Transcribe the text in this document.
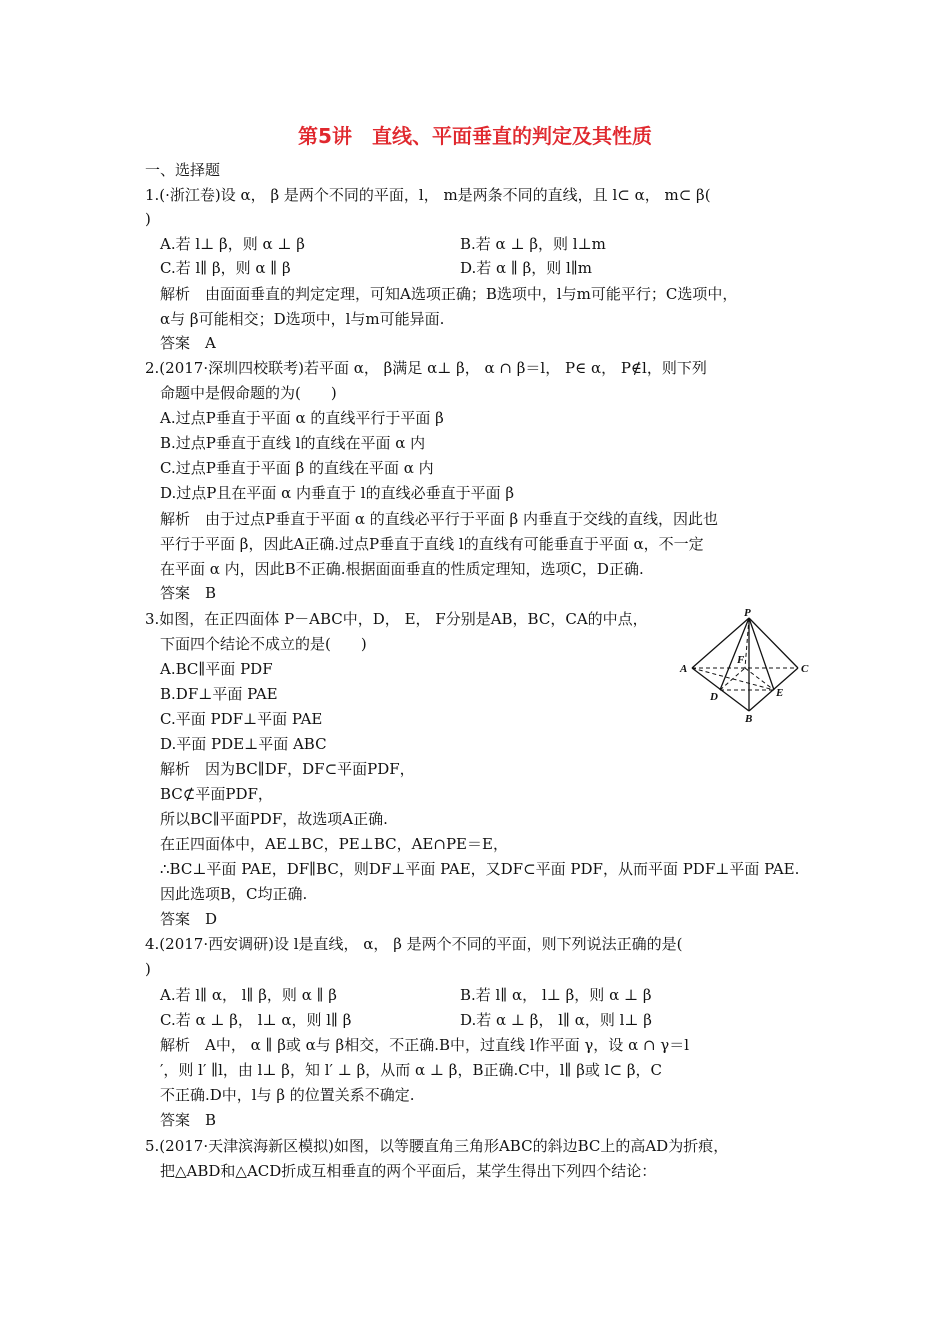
第5讲　直线、平面垂直的判定及其性质
一、选择题
1.(·浙江卷)设 α， β 是两个不同的平面，l， m是两条不同的直线，且 l⊂ α， m⊂ β(
)
A.若 l⊥ β，则 α ⊥ β	B.若 α ⊥ β，则 l⊥m
C.若 l∥ β，则 α ∥ β	D.若 α ∥ β，则 l∥m
解析　由面面垂直的判定定理，可知A选项正确；B选项中，l与m可能平行；C选项中，
α与 β可能相交；D选项中，l与m可能异面.
答案　A
2.(2017·深圳四校联考)若平面 α， β满足 α⊥ β， α ∩ β＝l， P∈ α， P∉l，则下列
命题中是假命题的为(　　)
A.过点P垂直于平面 α 的直线平行于平面 β
B.过点P垂直于直线 l的直线在平面 α 内
C.过点P垂直于平面 β 的直线在平面 α 内
D.过点P且在平面 α 内垂直于 l的直线必垂直于平面 β
解析　由于过点P垂直于平面 α 的直线必平行于平面 β 内垂直于交线的直线，因此也
平行于平面 β，因此A正确.过点P垂直于直线 l的直线有可能垂直于平面 α，不一定
在平面 α 内，因此B不正确.根据面面垂直的性质定理知，选项C，D正确.
答案　B
3.如图，在正四面体 P－ABC中，D， E， F分别是AB，BC，CA的中点，
下面四个结论不成立的是(　　)
A.BC∥平面 PDF
B.DF⊥平面 PAE
C.平面 PDF⊥平面 PAE
D.平面 PDE⊥平面 ABC
解析　因为BC∥DF，DF⊂平面PDF，
BC⊄平面PDF，
所以BC∥平面PDF，故选项A正确.
在正四面体中，AE⊥BC，PE⊥BC，AE∩PE＝E，
∴BC⊥平面 PAE，DF∥BC，则DF⊥平面 PAE，又DF⊂平面 PDF，从而平面 PDF⊥平面 PAE.
因此选项B，C均正确.
答案　D
4.(2017·西安调研)设 l是直线， α， β 是两个不同的平面，则下列说法正确的是(
)
A.若 l∥ α， l∥ β，则 α ∥ β	B.若 l∥ α， l⊥ β，则 α ⊥ β
C.若 α ⊥ β， l⊥ α，则 l∥ β	D.若 α ⊥ β， l∥ α，则 l⊥ β
解析　A中， α ∥ β或 α与 β相交，不正确.B中，过直线 l作平面 γ，设 α ∩ γ＝l
′，则 l′ ∥l，由 l⊥ β，知 l′ ⊥ β，从而 α ⊥ β，B正确.C中，l∥ β或 l⊂ β，C
不正确.D中，l与 β 的位置关系不确定.
答案　B
5.(2017·天津滨海新区模拟)如图，以等腰直角三角形ABC的斜边BC上的高AD为折痕，
把△ABD和△ACD折成互相垂直的两个平面后，某学生得出下列四个结论：
P
A	C
B
D	E
F
